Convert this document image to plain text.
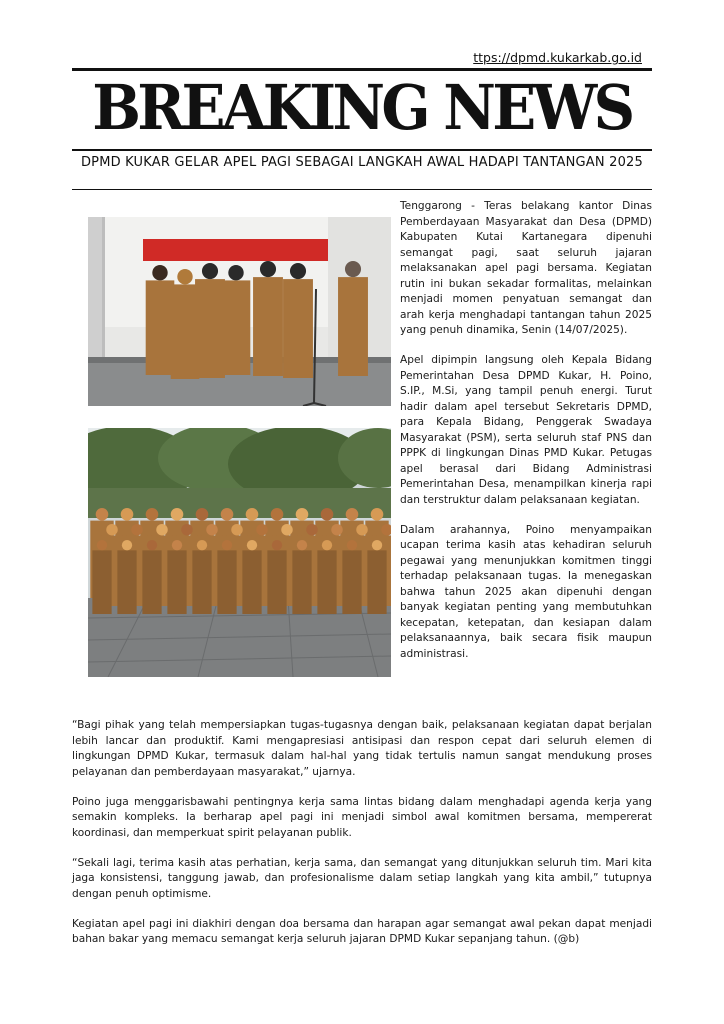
ttps://dpmd.kukarkab.go.id
BREAKING NEWS
DPMD KUKAR GELAR APEL PAGI SEBAGAI LANGKAH AWAL HADAPI TANTANGAN 2025

Tenggarong - Teras belakang kantor Dinas Pemberdayaan Masyarakat dan Desa (DPMD) Kabupaten Kutai Kartanegara dipenuhi semangat pagi, saat seluruh jajaran melaksanakan apel pagi bersama. Kegiatan rutin ini bukan sekadar formalitas, melainkan menjadi momen penyatuan semangat dan arah kerja menghadapi tantangan tahun 2025 yang penuh dinamika, Senin (14/07/2025).

Apel dipimpin langsung oleh Kepala Bidang Pemerintahan Desa DPMD Kukar, H. Poino, S.IP., M.Si, yang tampil penuh energi. Turut hadir dalam apel tersebut Sekretaris DPMD, para Kepala Bidang, Penggerak Swadaya Masyarakat (PSM), serta seluruh staf PNS dan PPPK di lingkungan Dinas PMD Kukar. Petugas apel berasal dari Bidang Administrasi Pemerintahan Desa, menampilkan kinerja rapi dan terstruktur dalam pelaksanaan kegiatan.

Dalam arahannya, Poino menyampaikan ucapan terima kasih atas kehadiran seluruh pegawai yang menunjukkan komitmen tinggi terhadap pelaksanaan tugas. Ia menegaskan bahwa tahun 2025 akan dipenuhi dengan banyak kegiatan penting yang membutuhkan kecepatan, ketepatan, dan kesiapan dalam pelaksanaannya, baik secara fisik maupun administrasi.

“Bagi pihak yang telah mempersiapkan tugas-tugasnya dengan baik, pelaksanaan kegiatan dapat berjalan lebih lancar dan produktif. Kami mengapresiasi antisipasi dan respon cepat dari seluruh elemen di lingkungan DPMD Kukar, termasuk dalam hal-hal yang tidak tertulis namun sangat mendukung proses pelayanan dan pemberdayaan masyarakat,” ujarnya.

Poino juga menggarisbawahi pentingnya kerja sama lintas bidang dalam menghadapi agenda kerja yang semakin kompleks. Ia berharap apel pagi ini menjadi simbol awal komitmen bersama, mempererat koordinasi, dan memperkuat spirit pelayanan publik.

“Sekali lagi, terima kasih atas perhatian, kerja sama, dan semangat yang ditunjukkan seluruh tim. Mari kita jaga konsistensi, tanggung jawab, dan profesionalisme dalam setiap langkah yang kita ambil,” tutupnya dengan penuh optimisme.

Kegiatan apel pagi ini diakhiri dengan doa bersama dan harapan agar semangat awal pekan dapat menjadi bahan bakar yang memacu semangat kerja seluruh jajaran DPMD Kukar sepanjang tahun. (@b)
